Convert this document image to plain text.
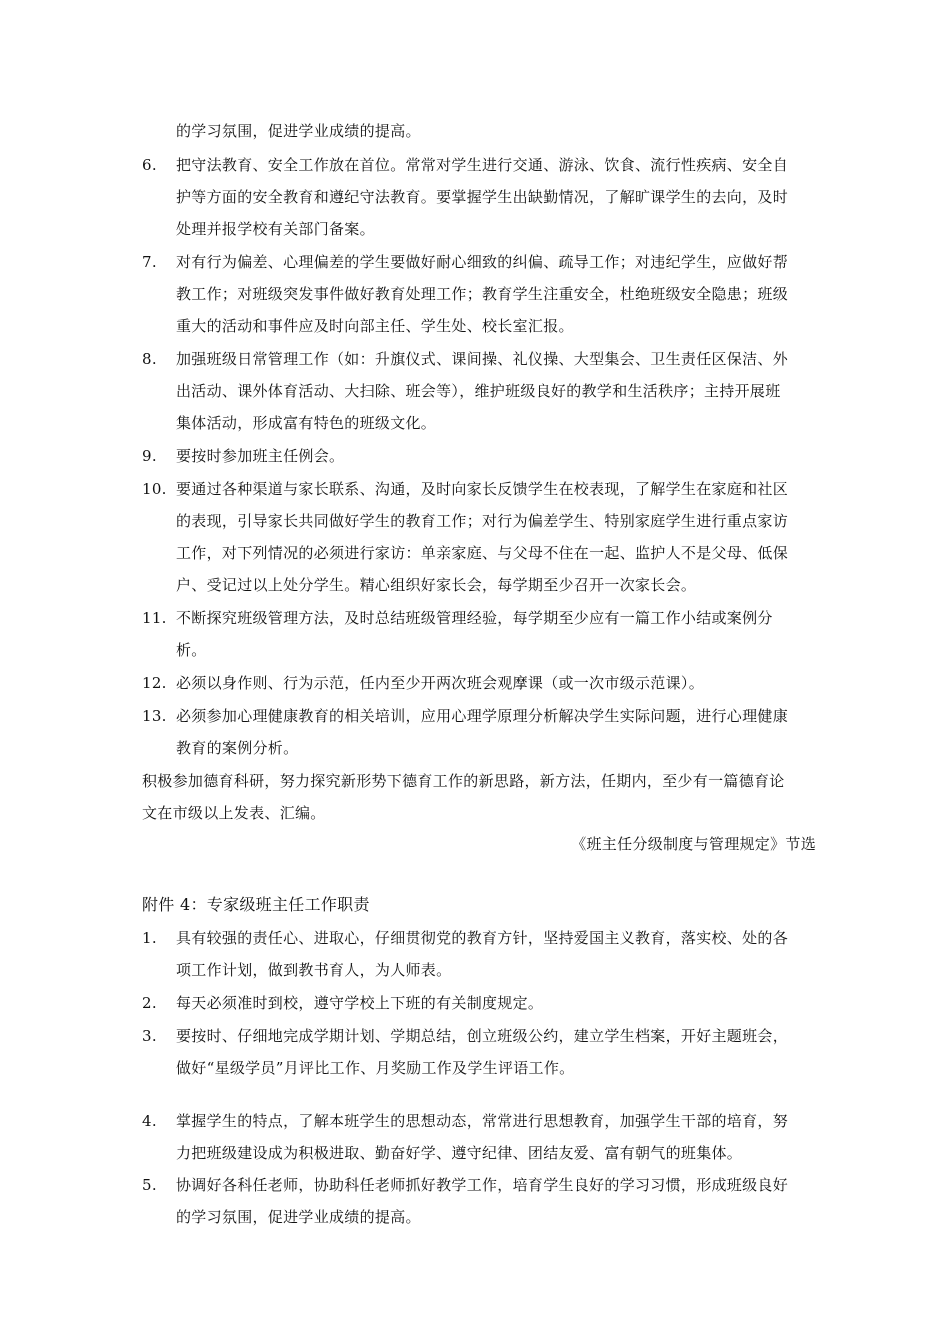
的学习氛围，促进学业成绩的提高。
6. 把守法教育、安全工作放在首位。常常对学生进行交通、游泳、饮食、流行性疾病、安全自
护等方面的安全教育和遵纪守法教育。要掌握学生出缺勤情况，了解旷课学生的去向，及时
处理并报学校有关部门备案。
7. 对有行为偏差、心理偏差的学生要做好耐心细致的纠偏、疏导工作；对违纪学生，应做好帮
教工作；对班级突发事件做好教育处理工作；教育学生注重安全，杜绝班级安全隐患；班级
重大的活动和事件应及时向部主任、学生处、校长室汇报。
8. 加强班级日常管理工作（如：升旗仪式、课间操、礼仪操、大型集会、卫生责任区保洁、外
出活动、课外体育活动、大扫除、班会等），维护班级良好的教学和生活秩序；主持开展班
集体活动，形成富有特色的班级文化。
9. 要按时参加班主任例会。
10. 要通过各种渠道与家长联系、沟通，及时向家长反馈学生在校表现，了解学生在家庭和社区
的表现，引导家长共同做好学生的教育工作；对行为偏差学生、特别家庭学生进行重点家访
工作，对下列情况的必须进行家访：单亲家庭、与父母不住在一起、监护人不是父母、低保
户、受记过以上处分学生。精心组织好家长会，每学期至少召开一次家长会。
11. 不断探究班级管理方法，及时总结班级管理经验，每学期至少应有一篇工作小结或案例分
析。
12. 必须以身作则、行为示范，任内至少开两次班会观摩课（或一次市级示范课）。
13. 必须参加心理健康教育的相关培训，应用心理学原理分析解决学生实际问题，进行心理健康
教育的案例分析。
积极参加德育科研，努力探究新形势下德育工作的新思路，新方法，任期内，至少有一篇德育论
文在市级以上发表、汇编。
《班主任分级制度与管理规定》节选
附件 4：专家级班主任工作职责
1. 具有较强的责任心、进取心，仔细贯彻党的教育方针，坚持爱国主义教育，落实校、处的各
项工作计划，做到教书育人，为人师表。
2. 每天必须准时到校，遵守学校上下班的有关制度规定。
3. 要按时、仔细地完成学期计划、学期总结，创立班级公约，建立学生档案，开好主题班会，
做好“星级学员”月评比工作、月奖励工作及学生评语工作。
4. 掌握学生的特点，了解本班学生的思想动态，常常进行思想教育，加强学生干部的培育，努
力把班级建设成为积极进取、勤奋好学、遵守纪律、团结友爱、富有朝气的班集体。
5. 协调好各科任老师，协助科任老师抓好教学工作，培育学生良好的学习习惯，形成班级良好
的学习氛围，促进学业成绩的提高。
